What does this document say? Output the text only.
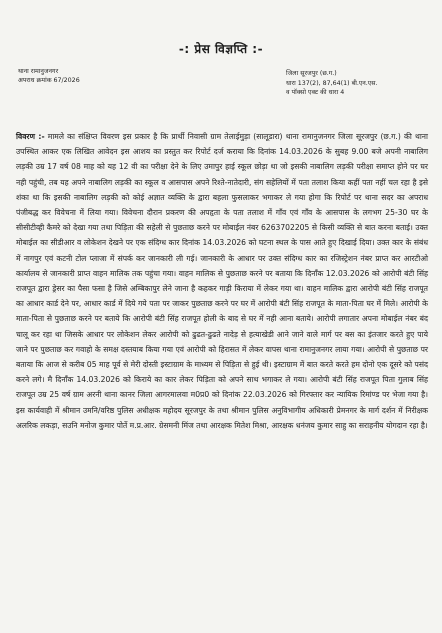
-: प्रेस विज्ञप्ति :-
थाना रामानुजनगर
अपराध क्रमांक 67/2026
जिला सूरजपुर (छ.ग.)
धारा 137(2), 87,64(1) बी.एन.एस.
व पॉक्सो एक्ट की धारा 4

विवरण :- मामले का संक्षिप्त विवरण इस प्रकार है कि प्रार्थी निवासी ग्राम तेलाईमुड़ा (सालूडारा) थाना रामानुजनगर जिला सूरजपुर (छ.ग.) की थाना उपस्थित आकर एक लिखित आवेदन इस आशय का प्रस्तुत कर रिपोर्ट दर्ज कराया कि दिनांक 14.03.2026 के सुबह 9.00 बजे अपनी नाबालिग लड़की उम्र 17 वर्ष 08 माह को यह 12 वी का परीक्षा देने के लिए उमापुर हाई स्कूल छोड़ा था जो इसकी नाबालिग लड़की परीक्षा समाप्त होने पर घर नही पहुंची, तब यह अपने नाबालिग लड़की का स्कूल व आसपास अपने रिश्ते-नातेदारी, संग सहेलियों में पता तलाश किया कहीं पता नहीं चल रहा है इसे शंका था कि इसकी नाबालिग लड़की को कोई अज्ञात व्यक्ति के द्वारा बहला फुसलाकर भगाकर ले गया होगा कि रिपोर्ट पर थाना सदर का अपराध पंजीबद्ध कर विवेचना में लिया गया। विवेचना दौरान प्रकरण की अपहृता के पता तलाश में गाँव एवं गाँव के आसपास के लगभग 25-30 घर के सीसीटीव्ही कैमरे को देखा गया तथा पिड़िता की सहेली से पुछताछ करने पर मोबाईल नंबर 6263702205 से किसी व्यक्ति से बात करना बताई। उक्त मोबाईल का सीडीआर व लोकेशन देखने पर एक संदिग्ध कार दिनांक 14.03.2026 को घटना स्थल के पास आते हुए दिखाई दिया। उक्त कार के संबंध में नागपुर एवं कटनी टोल प्लाजा में संपर्क कर जानकारी ली गई। जानकारी के आधार पर उक्त संदिग्ध कार का रजिस्ट्रेशन नंबर प्राप्त कर आरटीओ कार्यालय से जानकारी प्राप्त वाहन मालिक तक पहुंचा गया। वाहन मालिक से पुछताछ करने पर बताया कि दिनाँक 12.03.2026 को आरोपी बंटी सिंह राजपूत द्वारा ड्रेसर का पैसा फसा है जिसे अम्बिकापुर लेने जाना है कहकर गाड़ी किराया में लेकर गया था। वाहन मालिक द्वारा आरोपी बंटी सिंह राजपूत का आधार कार्ड देने पर, आधार कार्ड में दिये गये पता पर जाकर पुछताछ करने पर घर में आरोपी बंटी सिंह राजपूत के माता-पिता घर में मिले। आरोपी के माता-पिता से पुछताछ करने पर बताये कि आरोपी बंटी सिंह राजपूत होली के बाद से घर में नही आना बताये। आरोपी लगातार अपना मोबाईल नंबर बंद चालू कर रहा था जिसके आधार पर लोकेशन लेकर आरोपी को ढुढत-ढुढते नादेड़ से हत्याखेडी आने जाने वाले मार्ग पर बस का इंतजार करते हुए पाये जाने पर पुछताछ कर गवाहो के समक्ष दस्तयाब किया गया एवं आरोपी को हिरासत में लेकर वापस थाना रामानुजनगर लाया गया। आरोपी से पुछताछ पर बताया कि आज से करीब 05 माह पूर्व से मेरी दोस्ती इस्टाग्राम के माध्यम से पिड़िता से हुई थी। इस्टाग्राम में बात करते करते हम दोनो एक दूसरे को पसंद करने लगे। मै दिनाँक 14.03.2026 को किराये का कार लेकर पिड़िता को अपने साथ भगाकर ले गया। आरोपी बंटी सिंह राजपूत पिता गुलाब सिंह राजपूत उम्र 25 वर्ष ग्राम अरनी थाना कानर जिला आगरमालवा म0प्र0 को दिनांक 22.03.2026 को गिरफ्तार कर न्यायिक रिमांण्ड पर भेजा गया है। इस कार्यवाही में श्रीमान उमनि/वरिष्ठ पुलिस अधीक्षक महोदय सूरजपुर के तथा श्रीमान पुलिस अनुविभागीय अधिकारी प्रेमनगर के मार्ग दर्शन में निरीक्षक अलरिक लकड़ा, सउनि मनोज कुमार पोर्ते म.प्र.आर. ग्रेसमनी मिंज तथा आरक्षक मितेश मिश्रा, आरक्षक धनंजय कुमार साहु का सराहनीय योगदान रहा है।
